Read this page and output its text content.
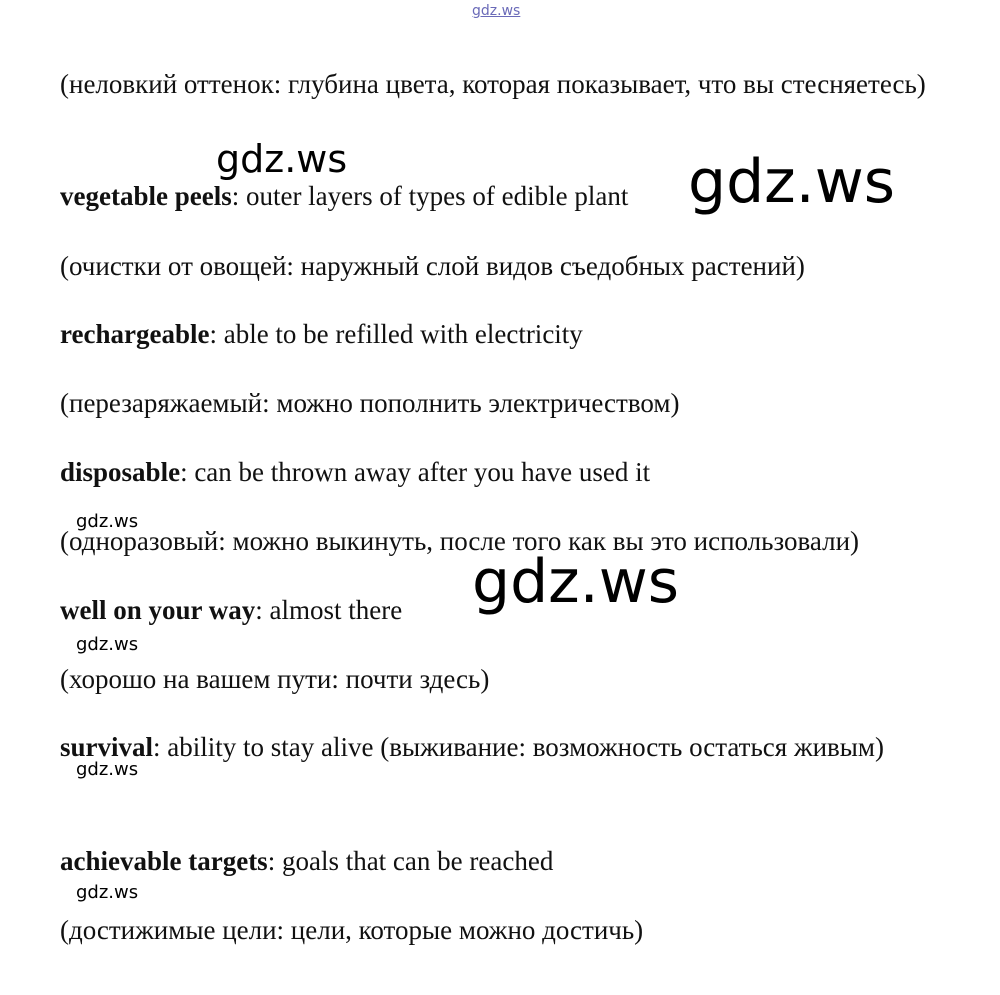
gdz.ws
(неловкий оттенок: глубина цвета, которая показывает, что вы стесняетесь)
vegetable peels: outer layers of types of edible plant
(очистки от овощей: наружный слой видов съедобных растений)
rechargeable: able to be refilled with electricity
(перезаряжаемый: можно пополнить электричеством)
disposable: can be thrown away after you have used it
(одноразовый: можно выкинуть, после того как вы это использовали)
well on your way: almost there
(хорошо на вашем пути: почти здесь)
survival: ability to stay alive (выживание: возможность остаться живым)
achievable targets: goals that can be reached
(достижимые цели: цели, которые можно достичь)
gdz.ws	gdz.ws
gdz.ws
gdz.ws
gdz.ws
gdz.ws
gdz.ws
